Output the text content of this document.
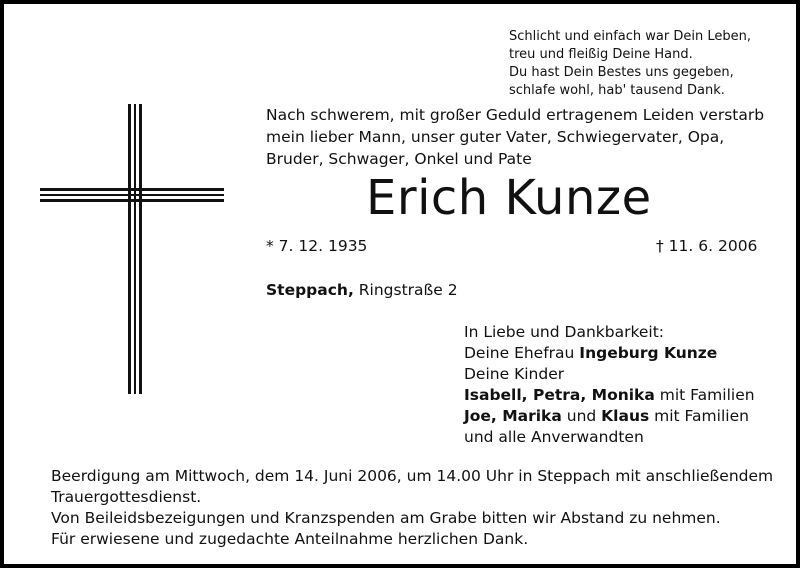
Schlicht und einfach war Dein Leben,
treu und fleißig Deine Hand.
Du hast Dein Bestes uns gegeben,
schlafe wohl, hab' tausend Dank.
Nach schwerem, mit großer Geduld ertragenem Leiden verstarb
mein lieber Mann, unser guter Vater, Schwiegervater, Opa,
Bruder, Schwager, Onkel und Pate
Erich Kunze
* 7. 12. 1935	† 11. 6. 2006
Steppach, Ringstraße 2
In Liebe und Dankbarkeit:
Deine Ehefrau Ingeburg Kunze
Deine Kinder
Isabell, Petra, Monika mit Familien
Joe, Marika und Klaus mit Familien
und alle Anverwandten
Beerdigung am Mittwoch, dem 14. Juni 2006, um 14.00 Uhr in Steppach mit anschließendem
Trauergottesdienst.
Von Beileidsbezeigungen und Kranzspenden am Grabe bitten wir Abstand zu nehmen.
Für erwiesene und zugedachte Anteilnahme herzlichen Dank.
